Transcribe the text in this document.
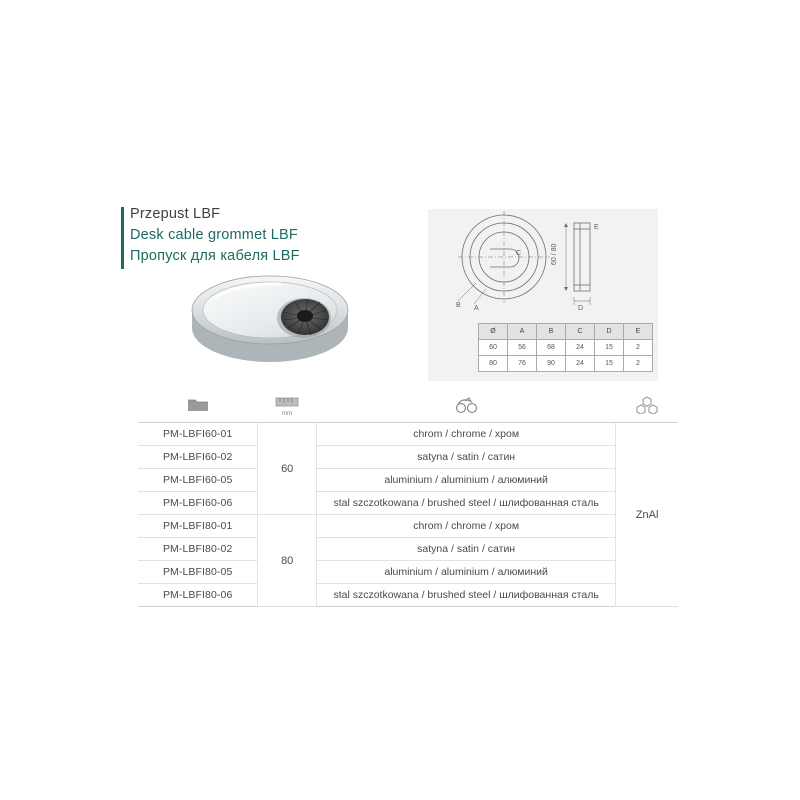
Przepust LBF
Desk cable grommet LBF
Пропуск для кабеля LBF
B A
C
D
E
60 / 80
Ø	A	B	C	D	E
60	56	68	24	15	2
80	76	90	24	15	2
mm
PM-LBFI60-01	60	chrom / chrome / хром	ZnAl
PM-LBFI60-02		satyna / satin / сатин	
PM-LBFI60-05		aluminium / aluminium / алюминий	
PM-LBFI60-06		stal szczotkowana / brushed steel / шлифованная сталь	
PM-LBFI80-01	80	chrom / chrome / хром	
PM-LBFI80-02		satyna / satin / сатин	
PM-LBFI80-05		aluminium / aluminium / алюминий	
PM-LBFI80-06		stal szczotkowana / brushed steel / шлифованная сталь	
